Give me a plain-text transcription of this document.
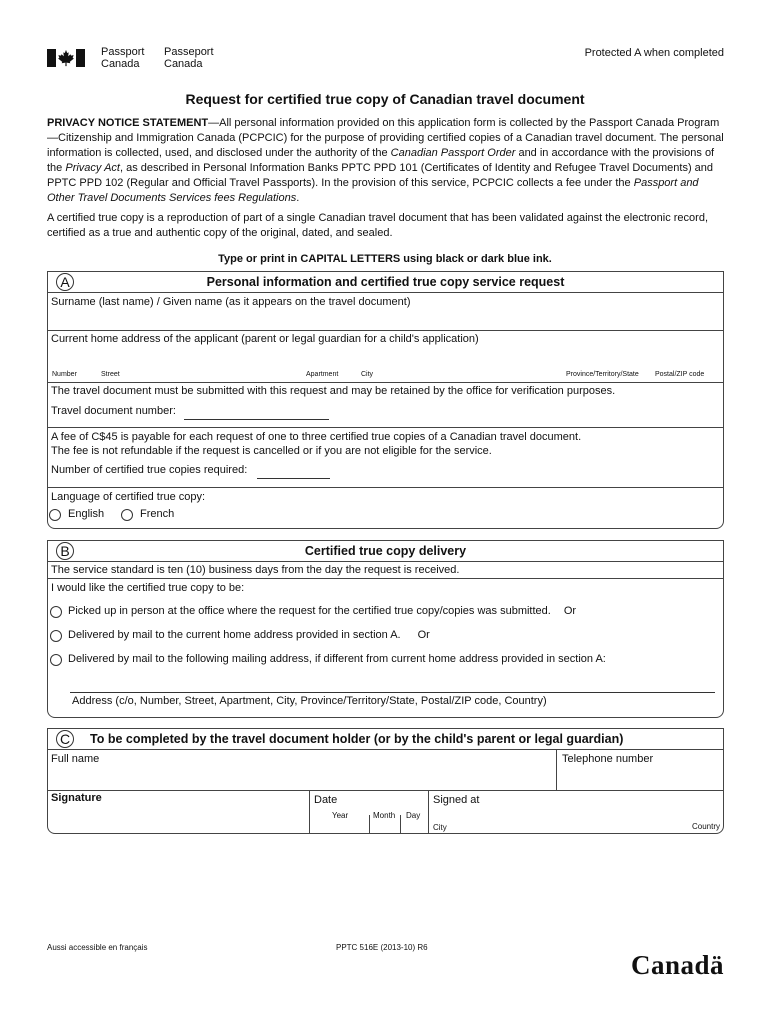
Passport
Canada
Passeport
Canada
Protected A when completed
Request for certified true copy of Canadian travel document
PRIVACY NOTICE STATEMENT—All personal information provided on this application form is collected by the Passport Canada Program—Citizenship and Immigration Canada (PCPCIC) for the purpose of providing certified copies of a Canadian travel document. The personal information is collected, used, and disclosed under the authority of the Canadian Passport Order and in accordance with the provisions of the Privacy Act, as described in Personal Information Banks PPTC PPD 101 (Certificates of Identity and Refugee Travel Documents) and PPTC PPD 102 (Regular and Official Travel Passports). In the provision of this service, PCPCIC collects a fee under the Passport and Other Travel Documents Services fees Regulations.
A certified true copy is a reproduction of part of a single Canadian travel document that has been validated against the electronic record, certified as a true and authentic copy of the original, dated, and sealed.
Type or print in CAPITAL LETTERS using black or dark blue ink.
A	Personal information and certified true copy service request
Surname (last name) / Given name (as it appears on the travel document)
Current home address of the applicant (parent or legal guardian for a child's application)
Number	Street	Apartment	City	Province/Territory/State Postal/ZIP code
The travel document must be submitted with this request and may be retained by the office for verification purposes.
Travel document number:
A fee of C$45 is payable for each request of one to three certified true copies of a Canadian travel document.
The fee is not refundable if the request is cancelled or if you are not eligible for the service.
Number of certified true copies required:
Language of certified true copy:
English	French
B	Certified true copy delivery
The service standard is ten (10) business days from the day the request is received.
I would like the certified true copy to be:
Picked up in person at the office where the request for the certified true copy/copies was submitted. Or
Delivered by mail to the current home address provided in section A. Or
Delivered by mail to the following mailing address, if different from current home address provided in section A:
Address (c/o, Number, Street, Apartment, City, Province/Territory/State, Postal/ZIP code, Country)
C	To be completed by the travel document holder (or by the child's parent or legal guardian)
Full name	Telephone number
Signature	Date
Year	Month Day
Signed at
City	Country
Aussi accessible en français	PPTC 516E (2013-10) R6
Canadä
